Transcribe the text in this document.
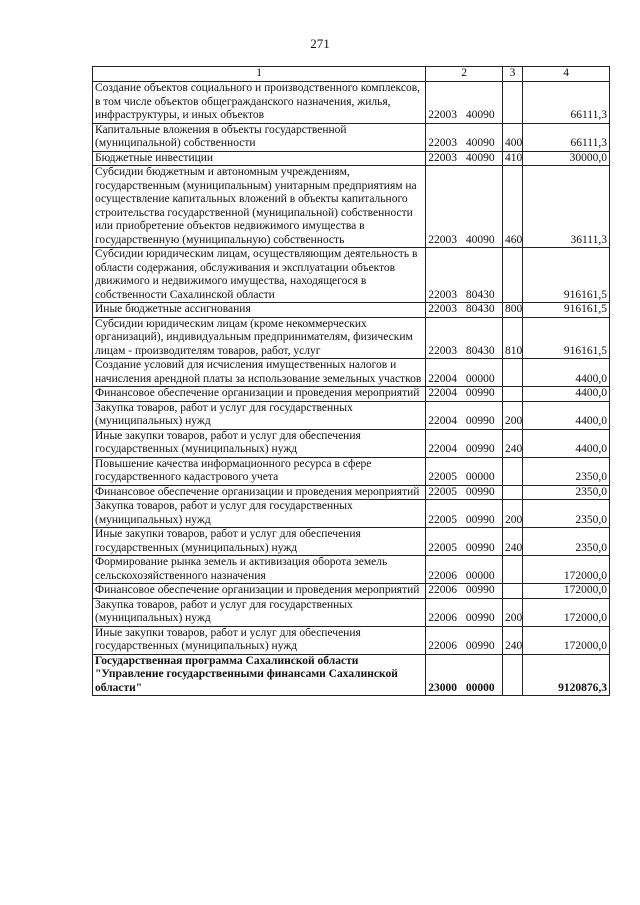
271
1	2	3	4
Создание объектов социального и производственного комплексов, в том числе объектов общегражданского назначения, жилья, инфраструктуры, и иных объектов	22003 40090		66111,3
Капитальные вложения в объекты государственной (муниципальной) собственности	22003 40090	400	66111,3
Бюджетные инвестиции	22003 40090	410	30000,0
Субсидии бюджетным и автономным учреждениям, государственным (муниципальным) унитарным предприятиям на осуществление капитальных вложений в объекты капитального строительства государственной (муниципальной) собственности или приобретение объектов недвижимого имущества в государственную (муниципальную) собственность	22003 40090	460	36111,3
Субсидии юридическим лицам, осуществляющим деятельность в области содержания, обслуживания и эксплуатации объектов движимого и недвижимого имущества, находящегося в собственности Сахалинской области	22003 80430		916161,5
Иные бюджетные ассигнования	22003 80430	800	916161,5
Субсидии юридическим лицам (кроме некоммерческих организаций), индивидуальным предпринимателям, физическим лицам - производителям товаров, работ, услуг	22003 80430	810	916161,5
Создание условий для исчисления имущественных налогов и начисления арендной платы за использование земельных участков	22004 00000		4400,0
Финансовое обеспечение организации и проведения мероприятий	22004 00990		4400,0
Закупка товаров, работ и услуг для государственных (муниципальных) нужд	22004 00990	200	4400,0
Иные закупки товаров, работ и услуг для обеспечения государственных (муниципальных) нужд	22004 00990	240	4400,0
Повышение качества информационного ресурса в сфере государственного кадастрового учета	22005 00000		2350,0
Финансовое обеспечение организации и проведения мероприятий	22005 00990		2350,0
Закупка товаров, работ и услуг для государственных (муниципальных) нужд	22005 00990	200	2350,0
Иные закупки товаров, работ и услуг для обеспечения государственных (муниципальных) нужд	22005 00990	240	2350,0
Формирование рынка земель и активизация оборота земель сельскохозяйственного назначения	22006 00000		172000,0
Финансовое обеспечение организации и проведения мероприятий	22006 00990		172000,0
Закупка товаров, работ и услуг для государственных (муниципальных) нужд	22006 00990	200	172000,0
Иные закупки товаров, работ и услуг для обеспечения государственных (муниципальных) нужд	22006 00990	240	172000,0
Государственная программа Сахалинской области "Управление государственными финансами Сахалинской области"	23000 00000		9120876,3
